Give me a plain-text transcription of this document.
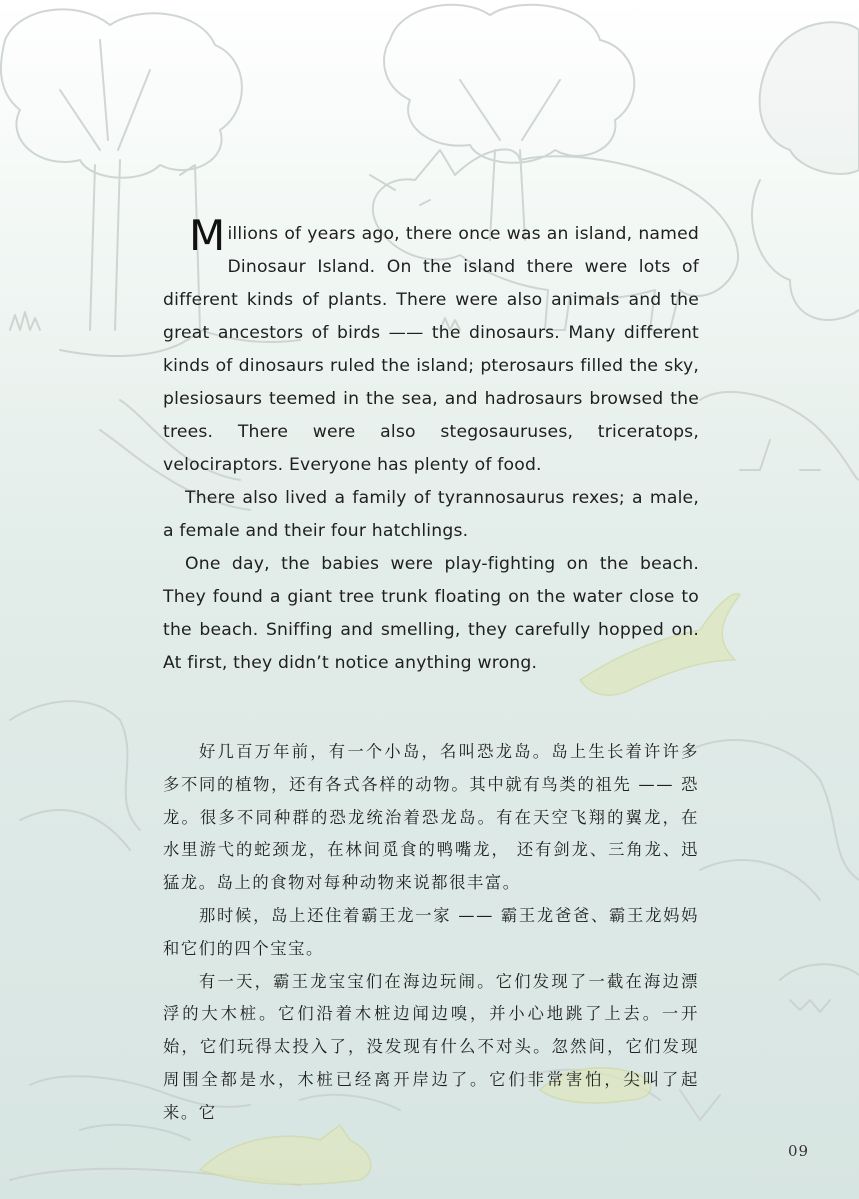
Millions of years ago, there once was an island, named Dinosaur Island. On the island there were lots of different kinds of plants. There were also animals and the great ancestors of birds —— the dinosaurs. Many different kinds of dinosaurs ruled the island; pterosaurs filled the sky, plesiosaurs teemed in the sea, and hadrosaurs browsed the trees. There were also stegosauruses, triceratops, velociraptors. Everyone has plenty of food.

There also lived a family of tyrannosaurus rexes; a male, a female and their four hatchlings.

One day, the babies were play-fighting on the beach. They found a giant tree trunk floating on the water close to the beach. Sniffing and smelling, they carefully hopped on. At first, they didn’t notice anything wrong.

好几百万年前，有一个小岛，名叫恐龙岛。岛上生长着许许多多不同的植物，还有各式各样的动物。其中就有鸟类的祖先 —— 恐龙。很多不同种群的恐龙统治着恐龙岛。有在天空飞翔的翼龙，在水里游弋的蛇颈龙，在林间觅食的鸭嘴龙， 还有剑龙、三角龙、迅猛龙。岛上的食物对每种动物来说都很丰富。

那时候，岛上还住着霸王龙一家 —— 霸王龙爸爸、霸王龙妈妈和它们的四个宝宝。

有一天，霸王龙宝宝们在海边玩闹。它们发现了一截在海边漂浮的大木桩。它们沿着木桩边闻边嗅，并小心地跳了上去。一开始，它们玩得太投入了，没发现有什么不对头。忽然间，它们发现周围全都是水，木桩已经离开岸边了。它们非常害怕，尖叫了起来。它

09
